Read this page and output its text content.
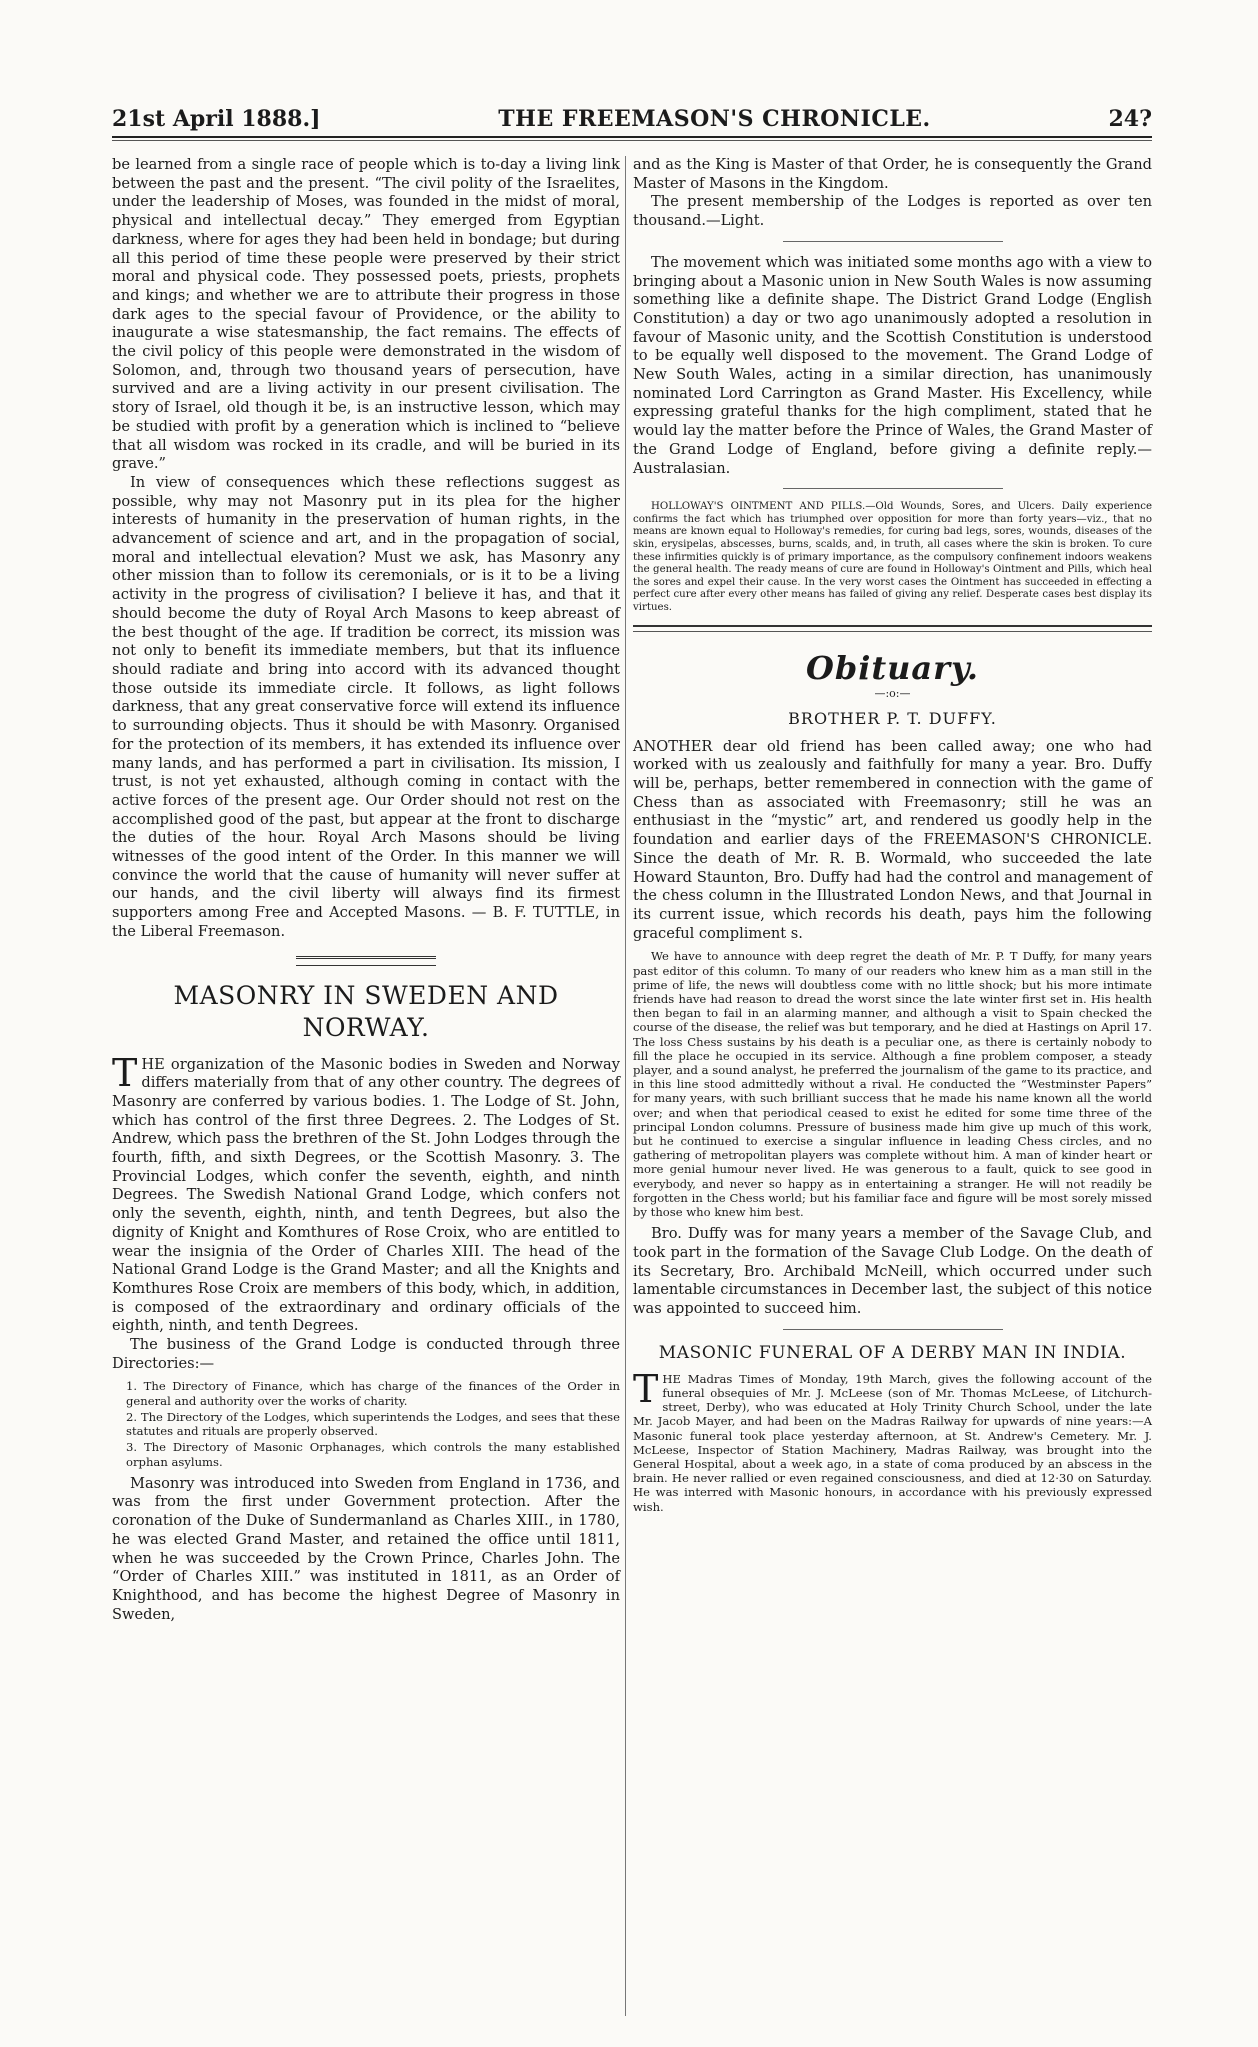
21st April 1888.]	THE FREEMASON'S CHRONICLE.	24?

be learned from a single race of people which is to-day a living link between the past and the present. “The civil polity of the Israelites, under the leadership of Moses, was founded in the midst of moral, physical and intellectual decay.” They emerged from Egyptian darkness, where for ages they had been held in bondage; but during all this period of time these people were preserved by their strict moral and physical code. They possessed poets, priests, prophets and kings; and whether we are to attribute their progress in those dark ages to the special favour of Providence, or the ability to inaugurate a wise statesmanship, the fact remains. The effects of the civil policy of this people were demonstrated in the wisdom of Solomon, and, through two thousand years of persecution, have survived and are a living activity in our present civilisation. The story of Israel, old though it be, is an instructive lesson, which may be studied with profit by a generation which is inclined to “believe that all wisdom was rocked in its cradle, and will be buried in its grave.”

In view of consequences which these reflections suggest as possible, why may not Masonry put in its plea for the higher interests of humanity in the preservation of human rights, in the advancement of science and art, and in the propagation of social, moral and intellectual elevation? Must we ask, has Masonry any other mission than to follow its ceremonials, or is it to be a living activity in the progress of civilisation? I believe it has, and that it should become the duty of Royal Arch Masons to keep abreast of the best thought of the age. If tradition be correct, its mission was not only to benefit its immediate members, but that its influence should radiate and bring into accord with its advanced thought those outside its immediate circle. It follows, as light follows darkness, that any great conservative force will extend its influence to surrounding objects. Thus it should be with Masonry. Organised for the protection of its members, it has extended its influence over many lands, and has performed a part in civilisation. Its mission, I trust, is not yet exhausted, although coming in contact with the active forces of the present age. Our Order should not rest on the accomplished good of the past, but appear at the front to discharge the duties of the hour. Royal Arch Masons should be living witnesses of the good intent of the Order. In this manner we will convince the world that the cause of humanity will never suffer at our hands, and the civil liberty will always find its firmest supporters among Free and Accepted Masons. — B. F. TUTTLE, in the Liberal Freemason.

MASONRY IN SWEDEN AND NORWAY.

THE organization of the Masonic bodies in Sweden and Norway differs materially from that of any other country. The degrees of Masonry are conferred by various bodies. 1. The Lodge of St. John, which has control of the first three Degrees. 2. The Lodges of St. Andrew, which pass the brethren of the St. John Lodges through the fourth, fifth, and sixth Degrees, or the Scottish Masonry. 3. The Provincial Lodges, which confer the seventh, eighth, and ninth Degrees. The Swedish National Grand Lodge, which confers not only the seventh, eighth, ninth, and tenth Degrees, but also the dignity of Knight and Komthures of Rose Croix, who are entitled to wear the insignia of the Order of Charles XIII. The head of the National Grand Lodge is the Grand Master; and all the Knights and Komthures Rose Croix are members of this body, which, in addition, is composed of the extraordinary and ordinary officials of the eighth, ninth, and tenth Degrees.

The business of the Grand Lodge is conducted through three Directories:—

1. The Directory of Finance, which has charge of the finances of the Order in general and authority over the works of charity.

2. The Directory of the Lodges, which superintends the Lodges, and sees that these statutes and rituals are properly observed.

3. The Directory of Masonic Orphanages, which controls the many established orphan asylums.

Masonry was introduced into Sweden from England in 1736, and was from the first under Government protection. After the coronation of the Duke of Sundermanland as Charles XIII., in 1780, he was elected Grand Master, and retained the office until 1811, when he was succeeded by the Crown Prince, Charles John. The “Order of Charles XIII.” was instituted in 1811, as an Order of Knighthood, and has become the highest Degree of Masonry in Sweden,

and as the King is Master of that Order, he is consequently the Grand Master of Masons in the Kingdom.

The present membership of the Lodges is reported as over ten thousand.—Light.

The movement which was initiated some months ago with a view to bringing about a Masonic union in New South Wales is now assuming something like a definite shape. The District Grand Lodge (English Constitution) a day or two ago unanimously adopted a resolution in favour of Masonic unity, and the Scottish Constitution is understood to be equally well disposed to the movement. The Grand Lodge of New South Wales, acting in a similar direction, has unanimously nominated Lord Carrington as Grand Master. His Excellency, while expressing grateful thanks for the high compliment, stated that he would lay the matter before the Prince of Wales, the Grand Master of the Grand Lodge of England, before giving a definite reply.—Australasian.

HOLLOWAY'S OINTMENT AND PILLS.—Old Wounds, Sores, and Ulcers. Daily experience confirms the fact which has triumphed over opposition for more than forty years—viz., that no means are known equal to Holloway's remedies, for curing bad legs, sores, wounds, diseases of the skin, erysipelas, abscesses, burns, scalds, and, in truth, all cases where the skin is broken. To cure these infirmities quickly is of primary importance, as the compulsory confinement indoors weakens the general health. The ready means of cure are found in Holloway's Ointment and Pills, which heal the sores and expel their cause. In the very worst cases the Ointment has succeeded in effecting a perfect cure after every other means has failed of giving any relief. Desperate cases best display its virtues.

Obituary.
—:o:—
BROTHER P. T. DUFFY.

ANOTHER dear old friend has been called away; one who had worked with us zealously and faithfully for many a year. Bro. Duffy will be, perhaps, better remembered in connection with the game of Chess than as associated with Freemasonry; still he was an enthusiast in the “mystic” art, and rendered us goodly help in the foundation and earlier days of the FREEMASON'S CHRONICLE. Since the death of Mr. R. B. Wormald, who succeeded the late Howard Staunton, Bro. Duffy had had the control and management of the chess column in the Illustrated London News, and that Journal in its current issue, which records his death, pays him the following graceful compliment s.

We have to announce with deep regret the death of Mr. P. T Duffy, for many years past editor of this column. To many of our readers who knew him as a man still in the prime of life, the news will doubtless come with no little shock; but his more intimate friends have had reason to dread the worst since the late winter first set in. His health then began to fail in an alarming manner, and although a visit to Spain checked the course of the disease, the relief was but temporary, and he died at Hastings on April 17. The loss Chess sustains by his death is a peculiar one, as there is certainly nobody to fill the place he occupied in its service. Although a fine problem composer, a steady player, and a sound analyst, he preferred the journalism of the game to its practice, and in this line stood admittedly without a rival. He conducted the “Westminster Papers” for many years, with such brilliant success that he made his name known all the world over; and when that periodical ceased to exist he edited for some time three of the principal London columns. Pressure of business made him give up much of this work, but he continued to exercise a singular influence in leading Chess circles, and no gathering of metropolitan players was complete without him. A man of kinder heart or more genial humour never lived. He was generous to a fault, quick to see good in everybody, and never so happy as in entertaining a stranger. He will not readily be forgotten in the Chess world; but his familiar face and figure will be most sorely missed by those who knew him best.

Bro. Duffy was for many years a member of the Savage Club, and took part in the formation of the Savage Club Lodge. On the death of its Secretary, Bro. Archibald McNeill, which occurred under such lamentable circumstances in December last, the subject of this notice was appointed to succeed him.

MASONIC FUNERAL OF A DERBY MAN IN INDIA.

THE Madras Times of Monday, 19th March, gives the following account of the funeral obsequies of Mr. J. McLeese (son of Mr. Thomas McLeese, of Litchurch-street, Derby), who was educated at Holy Trinity Church School, under the late Mr. Jacob Mayer, and had been on the Madras Railway for upwards of nine years:—A Masonic funeral took place yesterday afternoon, at St. Andrew's Cemetery. Mr. J. McLeese, Inspector of Station Machinery, Madras Railway, was brought into the General Hospital, about a week ago, in a state of coma produced by an abscess in the brain. He never rallied or even regained consciousness, and died at 12·30 on Saturday. He was interred with Masonic honours, in accordance with his previously expressed wish.
